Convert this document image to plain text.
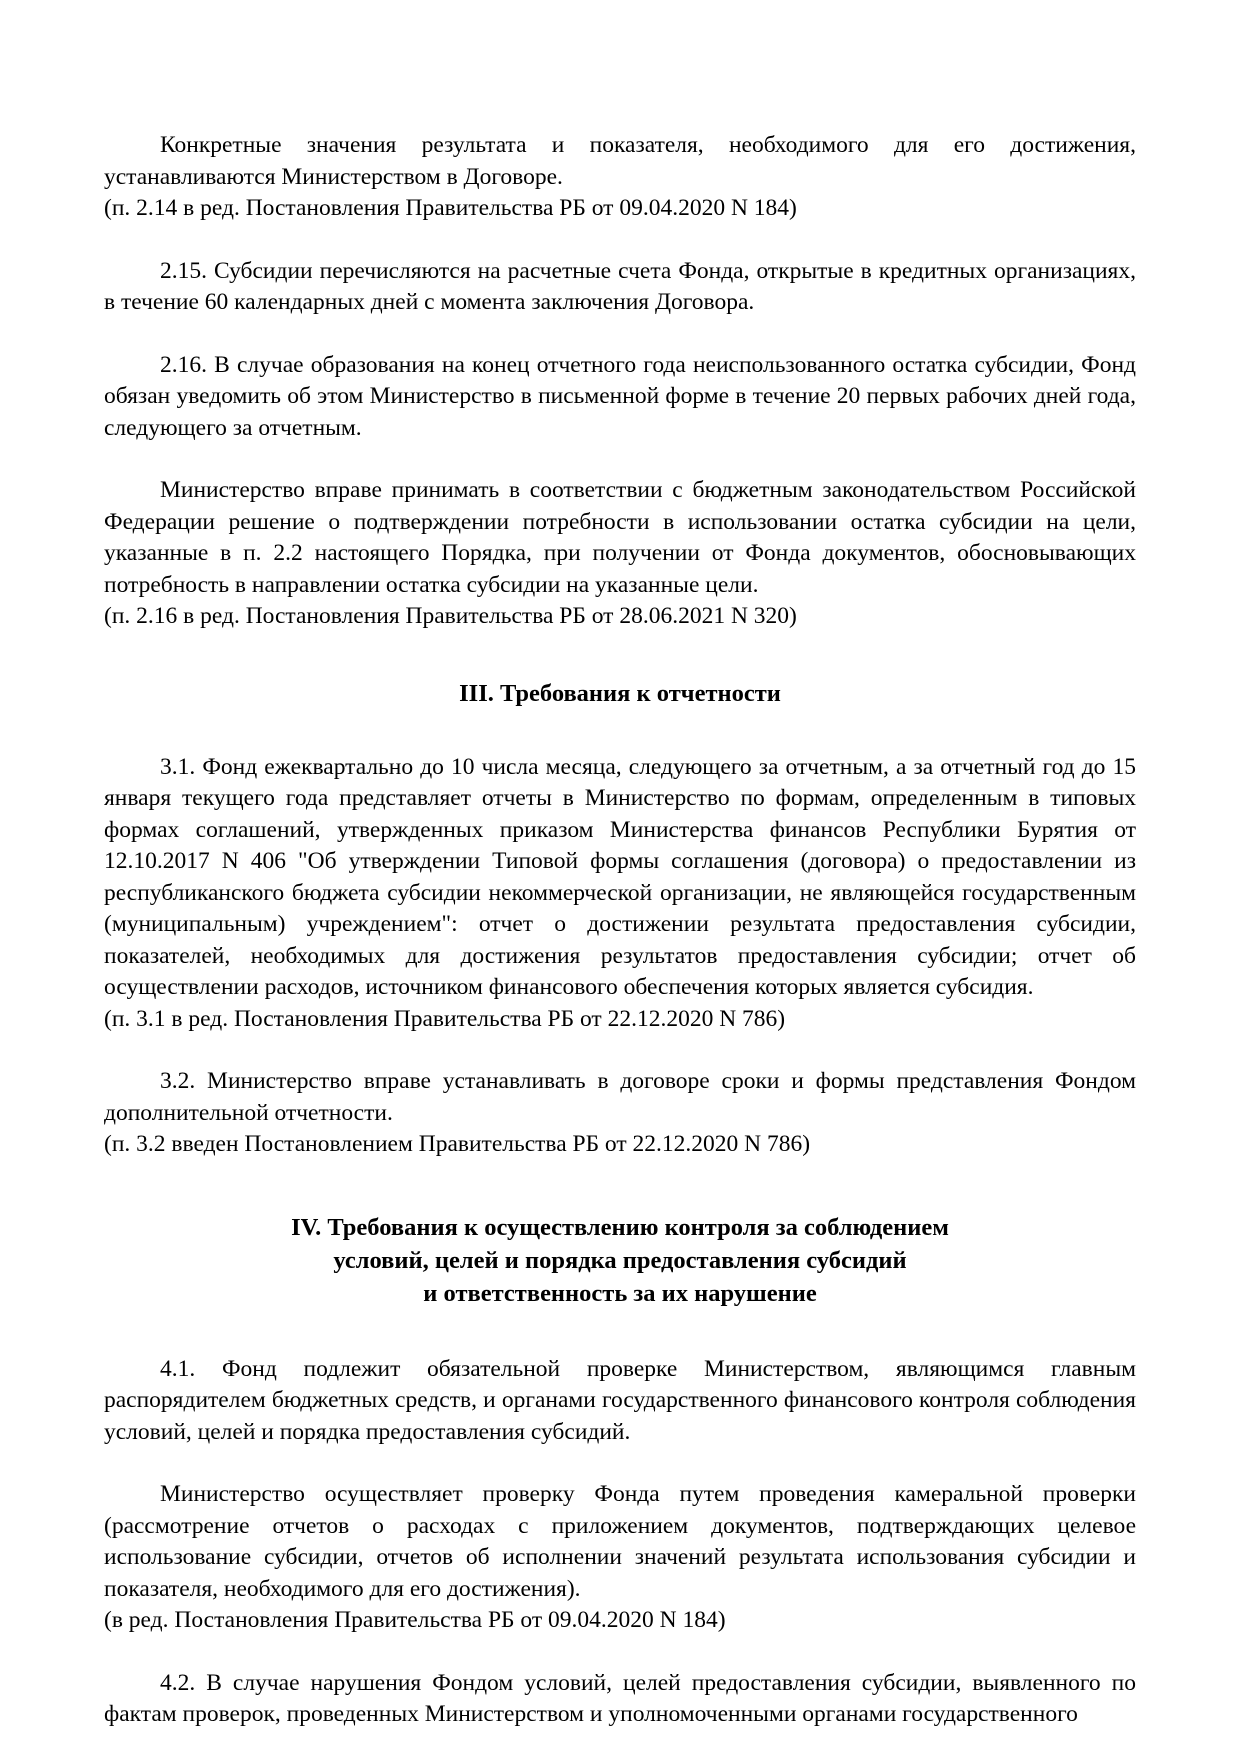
Конкретные значения результата и показателя, необходимого для его достижения, устанавливаются Министерством в Договоре.

(п. 2.14 в ред. Постановления Правительства РБ от 09.04.2020 N 184)

2.15. Субсидии перечисляются на расчетные счета Фонда, открытые в кредитных организациях, в течение 60 календарных дней с момента заключения Договора.

2.16. В случае образования на конец отчетного года неиспользованного остатка субсидии, Фонд обязан уведомить об этом Министерство в письменной форме в течение 20 первых рабочих дней года, следующего за отчетным.

Министерство вправе принимать в соответствии с бюджетным законодательством Российской Федерации решение о подтверждении потребности в использовании остатка субсидии на цели, указанные в п. 2.2 настоящего Порядка, при получении от Фонда документов, обосновывающих потребность в направлении остатка субсидии на указанные цели.

(п. 2.16 в ред. Постановления Правительства РБ от 28.06.2021 N 320)

III. Требования к отчетности

3.1. Фонд ежеквартально до 10 числа месяца, следующего за отчетным, а за отчетный год до 15 января текущего года представляет отчеты в Министерство по формам, определенным в типовых формах соглашений, утвержденных приказом Министерства финансов Республики Бурятия от 12.10.2017 N 406 "Об утверждении Типовой формы соглашения (договора) о предоставлении из республиканского бюджета субсидии некоммерческой организации, не являющейся государственным (муниципальным) учреждением": отчет о достижении результата предоставления субсидии, показателей, необходимых для достижения результатов предоставления субсидии; отчет об осуществлении расходов, источником финансового обеспечения которых является субсидия.

(п. 3.1 в ред. Постановления Правительства РБ от 22.12.2020 N 786)

3.2. Министерство вправе устанавливать в договоре сроки и формы представления Фондом дополнительной отчетности.

(п. 3.2 введен Постановлением Правительства РБ от 22.12.2020 N 786)

IV. Требования к осуществлению контроля за соблюдением
условий, целей и порядка предоставления субсидий
и ответственность за их нарушение

4.1. Фонд подлежит обязательной проверке Министерством, являющимся главным распорядителем бюджетных средств, и органами государственного финансового контроля соблюдения условий, целей и порядка предоставления субсидий.

Министерство осуществляет проверку Фонда путем проведения камеральной проверки (рассмотрение отчетов о расходах с приложением документов, подтверждающих целевое использование субсидии, отчетов об исполнении значений результата использования субсидии и показателя, необходимого для его достижения).

(в ред. Постановления Правительства РБ от 09.04.2020 N 184)

4.2. В случае нарушения Фондом условий, целей предоставления субсидии, выявленного по фактам проверок, проведенных Министерством и уполномоченными органами государственного
